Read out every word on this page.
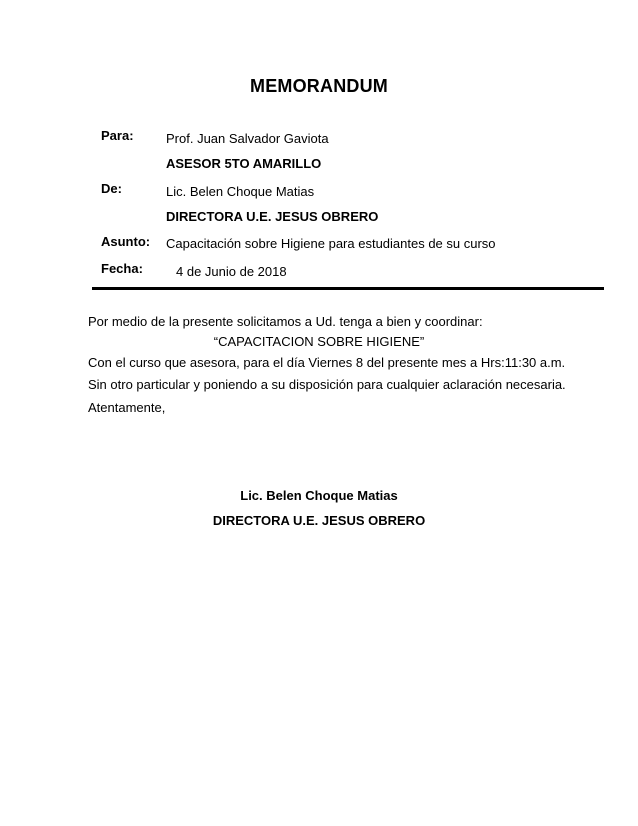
MEMORANDUM
Para: Prof. Juan Salvador Gaviota
ASESOR 5TO AMARILLO
De:	Lic. Belen Choque Matias
DIRECTORA U.E. JESUS OBRERO
Asunto: Capacitación sobre Higiene para estudiantes de su curso
Fecha:	4 de Junio de 2018
Por medio de la presente solicitamos a Ud. tenga a bien y coordinar:
“CAPACITACION SOBRE HIGIENE”
Con el curso que asesora, para el día Viernes 8 del presente mes a Hrs:11:30 a.m.
Sin otro particular y poniendo a su disposición para cualquier aclaración necesaria.
Atentamente,
Lic. Belen Choque Matias
DIRECTORA U.E. JESUS OBRERO
